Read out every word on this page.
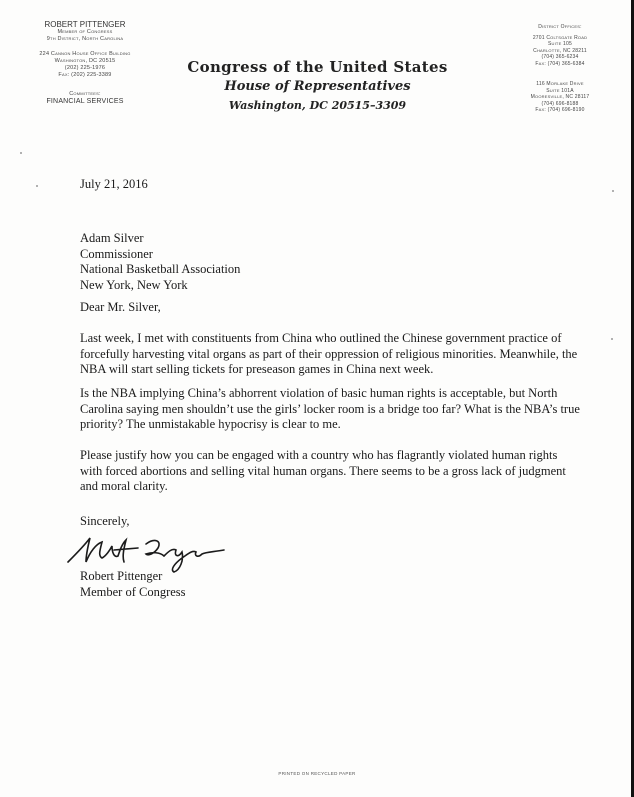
ROBERT PITTENGER
Member of Congress
9th District, North Carolina
224 Cannon House Office Building
Washington, DC 20515
(202) 225-1976
Fax: (202) 225-3389
Committees:
FINANCIAL SERVICES
Congress of the United States
House of Representatives
Washington, DC 20515–3309
District Offices:
2701 Coltsgate Road
Suite 105
Charlotte, NC 28211
(704) 365-6234
Fax: (704) 365-6384
116 Morlake Drive
Suite 101A
Mooresville, NC 28117
(704) 696-8188
Fax: (704) 696-8190
July 21, 2016
Adam Silver
Commissioner
National Basketball Association
New York, New York
Dear Mr. Silver,
Last week, I met with constituents from China who outlined the Chinese government practice of forcefully harvesting vital organs as part of their oppression of religious minorities. Meanwhile, the NBA will start selling tickets for preseason games in China next week.
Is the NBA implying China’s abhorrent violation of basic human rights is acceptable, but North Carolina saying men shouldn’t use the girls’ locker room is a bridge too far? What is the NBA’s true priority? The unmistakable hypocrisy is clear to me.
Please justify how you can be engaged with a country who has flagrantly violated human rights with forced abortions and selling vital human organs. There seems to be a gross lack of judgment and moral clarity.
Sincerely,
Robert Pittenger
Member of Congress
PRINTED ON RECYCLED PAPER
